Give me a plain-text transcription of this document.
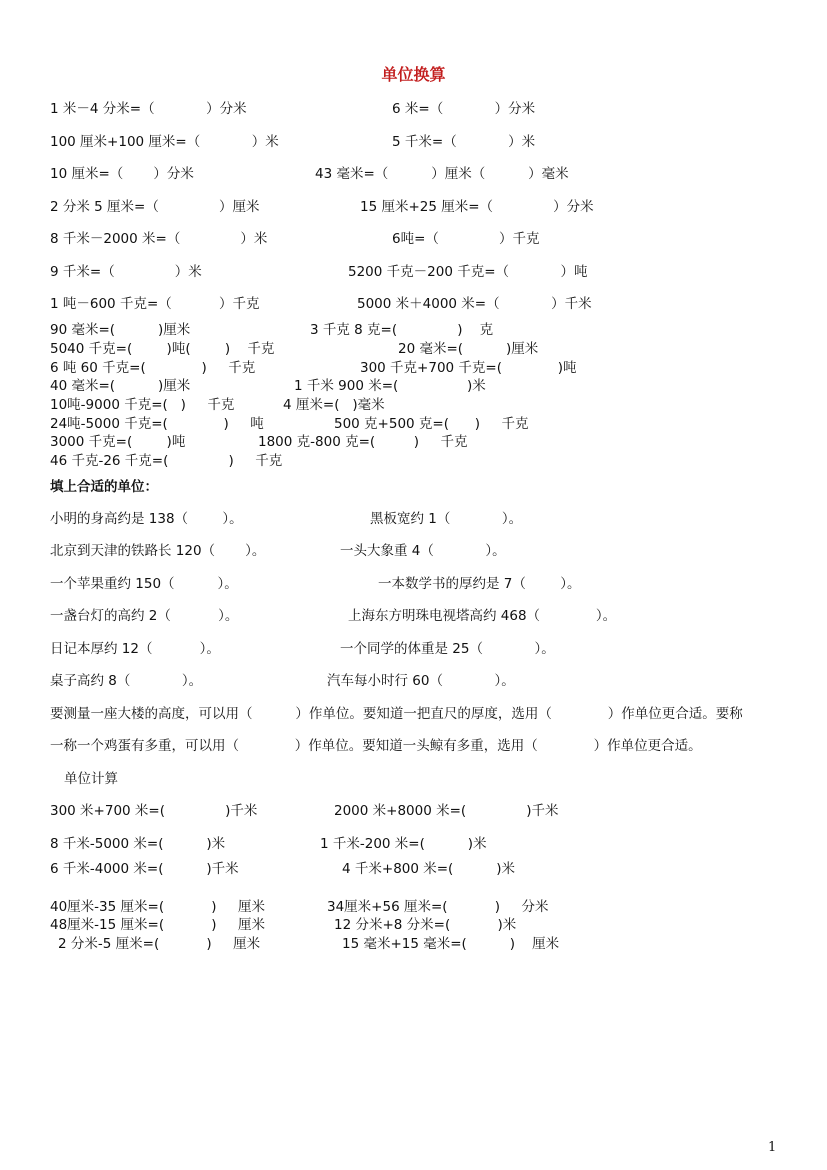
单位换算
1 米－4 分米=（            ）分米	6 米=（            ）分米
100 厘米+100 厘米=（            ）米	5 千米=（            ）米
10 厘米=（       ）分米	43 毫米=（          ）厘米（          ）毫米
2 分米 5 厘米=（              ）厘米	15 厘米+25 厘米=（              ）分米
8 千米－2000 米=（              ）米	6吨=（              ）千克
9 千米=（              ）米	5200 千克－200 千克=（            ）吨
1 吨－600 千克=（           ）千克	5000 米＋4000 米=（            ）千米
90 毫米=(          )厘米	3 千克 8 克=(              )    克
5040 千克=(        )吨(        )    千克	20 毫米=(          )厘米
6 吨 60 千克=(             )     千克	300 千克+700 千克=(             )吨
40 毫米=(          )厘米	1 千米 900 米=(                )米
10吨-9000 千克=(   )     千克	4 厘米=(   )毫米
24吨-5000 千克=(             )     吨	500 克+500 克=(      )     千克
3000 千克=(        )吨	1800 克-800 克=(         )     千克
46 千克-26 千克=(              )     千克
填上合适的单位：
小明的身高约是 138（        ）。	黑板宽约 1（            ）。
北京到天津的铁路长 120（       ）。	一头大象重 4（            ）。
一个苹果重约 150（          ）。	一本数学书的厚约是 7（        ）。
一盏台灯的高约 2（           ）。	上海东方明珠电视塔高约 468（             ）。
日记本厚约 12（           ）。	一个同学的体重是 25（            ）。
桌子高约 8（            ）。	汽车每小时行 60（            ）。
要测量一座大楼的高度，可以用（          ）作单位。要知道一把直尺的厚度，选用（             ）作单位更合适。要称
一称一个鸡蛋有多重，可以用（             ）作单位。要知道一头鲸有多重，选用（             ）作单位更合适。
单位计算
300 米+700 米=(              )千米	2000 米+8000 米=(              )千米
8 千米-5000 米=(          )米	1 千米-200 米=(          )米
6 千米-4000 米=(          )千米	4 千米+800 米=(          )米
40厘米-35 厘米=(           )     厘米	34厘米+56 厘米=(           )     分米
48厘米-15 厘米=(           )     厘米	12 分米+8 分米=(           )米
2 分米-5 厘米=(           )     厘米	15 毫米+15 毫米=(          )    厘米
1
